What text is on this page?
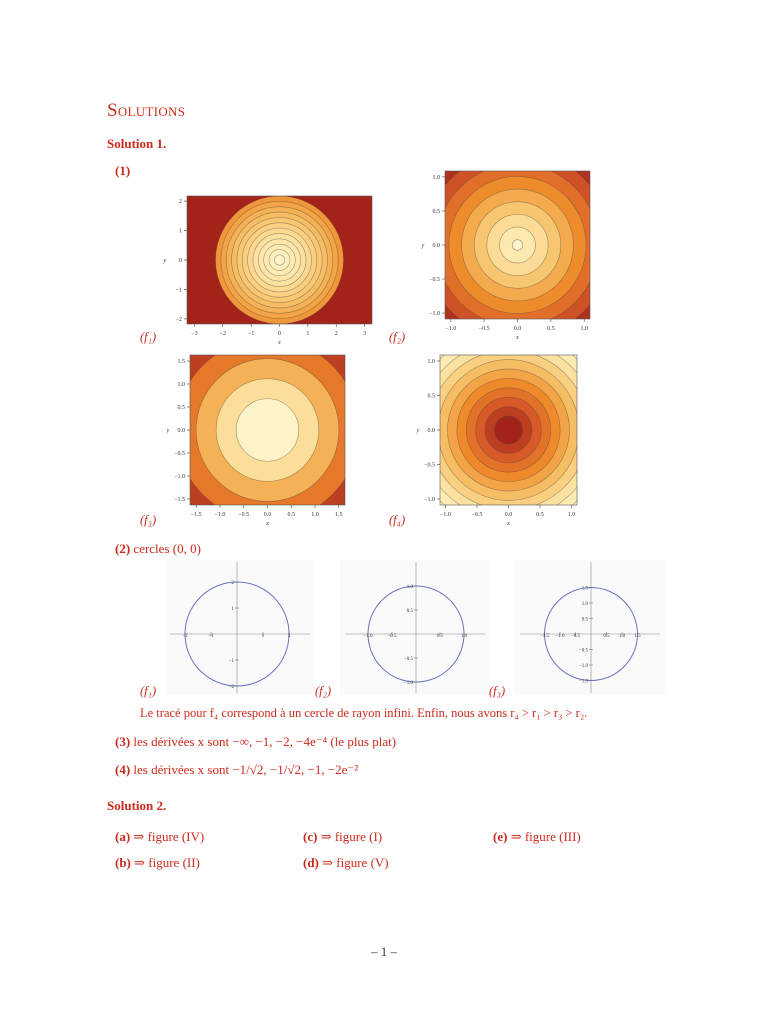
Solutions
Solution 1.
(1)
−3	−2	−1	0	1	2	3
2
1
0
−1
−2
x
y
−1.0	−0.5	0.0	0.5	1.0
1.0
0.5
0.0
−0.5
−1.0
x
y
−1.5 −1.0 −0.5 0.0	0.5	1.0	1.5
1.5
1.0
0.5
0.0
−0.5
−1.0
−1.5
x
y
−1.0	−0.5	0.0	0.5	1.0
1.0
0.5
0.0
−0.5
−1.0
x
y
(f₁)	(f₂)
(f₃)	(f₄)
(2) cercles (0, 0)
−2	−1	1	2
2
1
−1
−2
−1.0	−0.5	0.5	1.0
1.0
0.5
−0.5
−1.0
−1.5 −1.0 −0.5	0.5 1.0 1.5
1.5
1.0
0.5
−0.5
−1.0
−1.5
(f₁)	(f₂)	(f₃)
Le tracé pour f₄ correspond à un cercle de rayon infini. Enfin, nous avons r₄ > r₁ > r₃ > r₂.
(3) les dérivées x sont −∞, −1, −2, −4e⁻⁴ (le plus plat)
(4) les dérivées x sont −1/√2, −1/√2, −1, −2e⁻²
Solution 2.
(a) ⇒ figure (IV)
(b) ⇒ figure (II)
(c) ⇒ figure (I)
(d) ⇒ figure (V)
(e) ⇒ figure (III)
– 1 –
